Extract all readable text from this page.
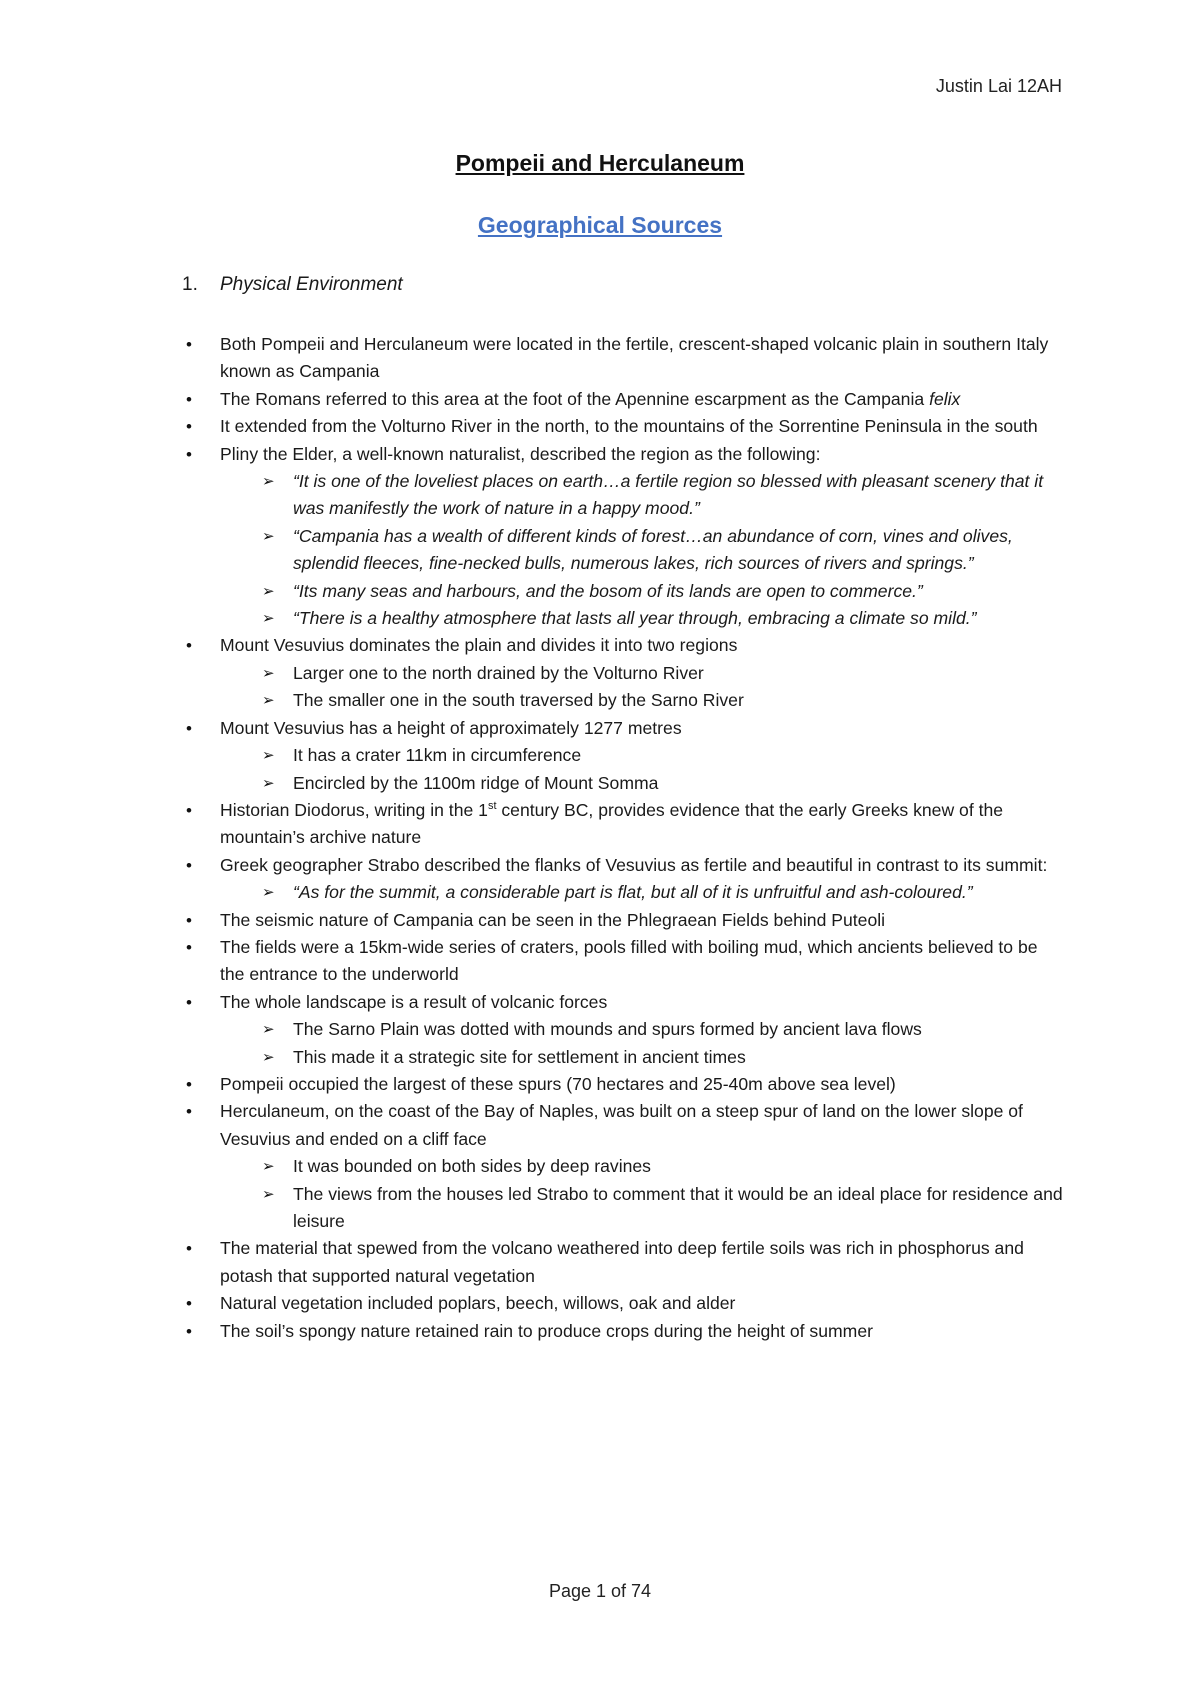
Justin Lai 12AH
Pompeii and Herculaneum
Geographical Sources
1. Physical Environment
• Both Pompeii and Herculaneum were located in the fertile, crescent-shaped volcanic plain in southern Italy known as Campania
• The Romans referred to this area at the foot of the Apennine escarpment as the Campania felix
• It extended from the Volturno River in the north, to the mountains of the Sorrentine Peninsula in the south
• Pliny the Elder, a well-known naturalist, described the region as the following:
➢ “It is one of the loveliest places on earth…a fertile region so blessed with pleasant scenery that it was manifestly the work of nature in a happy mood.”
➢ “Campania has a wealth of different kinds of forest…an abundance of corn, vines and olives, splendid fleeces, fine-necked bulls, numerous lakes, rich sources of rivers and springs.”
➢ “Its many seas and harbours, and the bosom of its lands are open to commerce.”
➢ “There is a healthy atmosphere that lasts all year through, embracing a climate so mild.”
• Mount Vesuvius dominates the plain and divides it into two regions
➢ Larger one to the north drained by the Volturno River
➢ The smaller one in the south traversed by the Sarno River
• Mount Vesuvius has a height of approximately 1277 metres
➢ It has a crater 11km in circumference
➢ Encircled by the 1100m ridge of Mount Somma
• Historian Diodorus, writing in the 1st century BC, provides evidence that the early Greeks knew of the mountain’s archive nature
• Greek geographer Strabo described the flanks of Vesuvius as fertile and beautiful in contrast to its summit:
➢ “As for the summit, a considerable part is flat, but all of it is unfruitful and ash-coloured.”
• The seismic nature of Campania can be seen in the Phlegraean Fields behind Puteoli
• The fields were a 15km-wide series of craters, pools filled with boiling mud, which ancients believed to be the entrance to the underworld
• The whole landscape is a result of volcanic forces
➢ The Sarno Plain was dotted with mounds and spurs formed by ancient lava flows
➢ This made it a strategic site for settlement in ancient times
• Pompeii occupied the largest of these spurs (70 hectares and 25-40m above sea level)
• Herculaneum, on the coast of the Bay of Naples, was built on a steep spur of land on the lower slope of Vesuvius and ended on a cliff face
➢ It was bounded on both sides by deep ravines
➢ The views from the houses led Strabo to comment that it would be an ideal place for residence and leisure
• The material that spewed from the volcano weathered into deep fertile soils was rich in phosphorus and potash that supported natural vegetation
• Natural vegetation included poplars, beech, willows, oak and alder
• The soil’s spongy nature retained rain to produce crops during the height of summer
Page 1 of 74
